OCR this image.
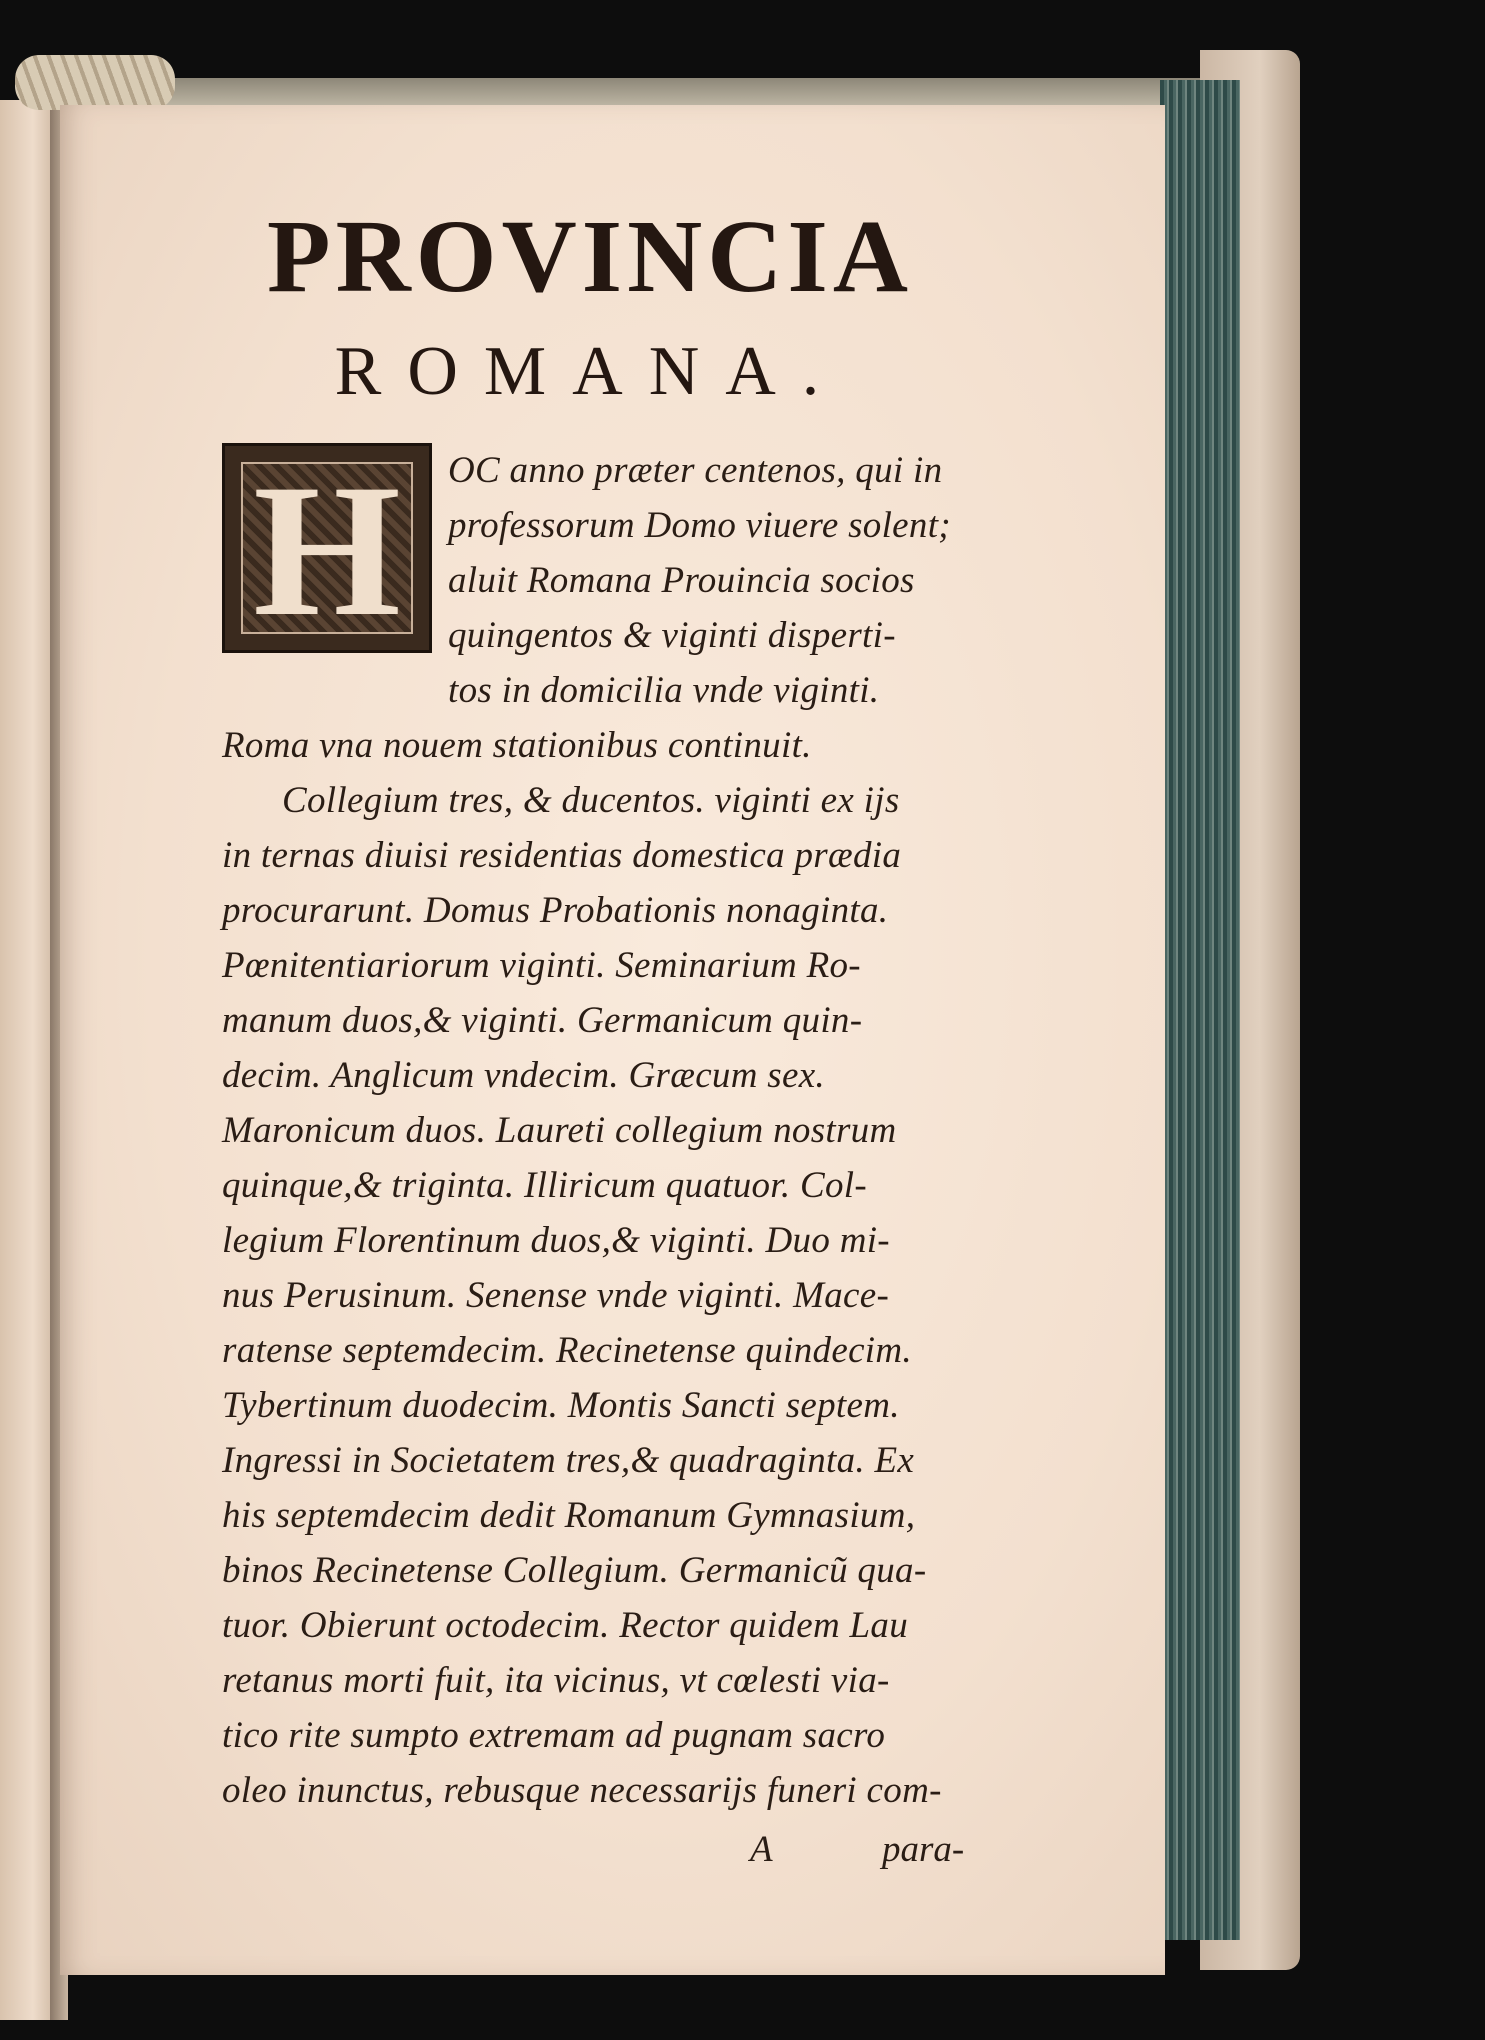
PROVINCIA
ROMANA.
H	OC anno præter centenos, qui in
professorum Domo viuere solent;
aluit Romana Prouincia socios
quingentos & viginti disperti-
tos in domicilia vnde viginti.
Roma vna nouem stationibus continuit.
Collegium tres, & ducentos. viginti ex ijs
in ternas diuisi residentias domestica prædia
procurarunt. Domus Probationis nonaginta.
Pœnitentiariorum viginti. Seminarium Ro-
manum duos,& viginti. Germanicum quin-
decim. Anglicum vndecim. Græcum sex.
Maronicum duos. Laureti collegium nostrum
quinque,& triginta. Illiricum quatuor. Col-
legium Florentinum duos,& viginti. Duo mi-
nus Perusinum. Senense vnde viginti. Mace-
ratense septemdecim. Recinetense quindecim.
Tybertinum duodecim. Montis Sancti septem.
Ingressi in Societatem tres,& quadraginta. Ex
his septemdecim dedit Romanum Gymnasium,
binos Recinetense Collegium. Germanicũ qua-
tuor. Obierunt octodecim. Rector quidem Lau
retanus morti fuit, ita vicinus, vt cœlesti via-
tico rite sumpto extremam ad pugnam sacro
oleo inunctus, rebusque necessarijs funeri com-
A	para-
